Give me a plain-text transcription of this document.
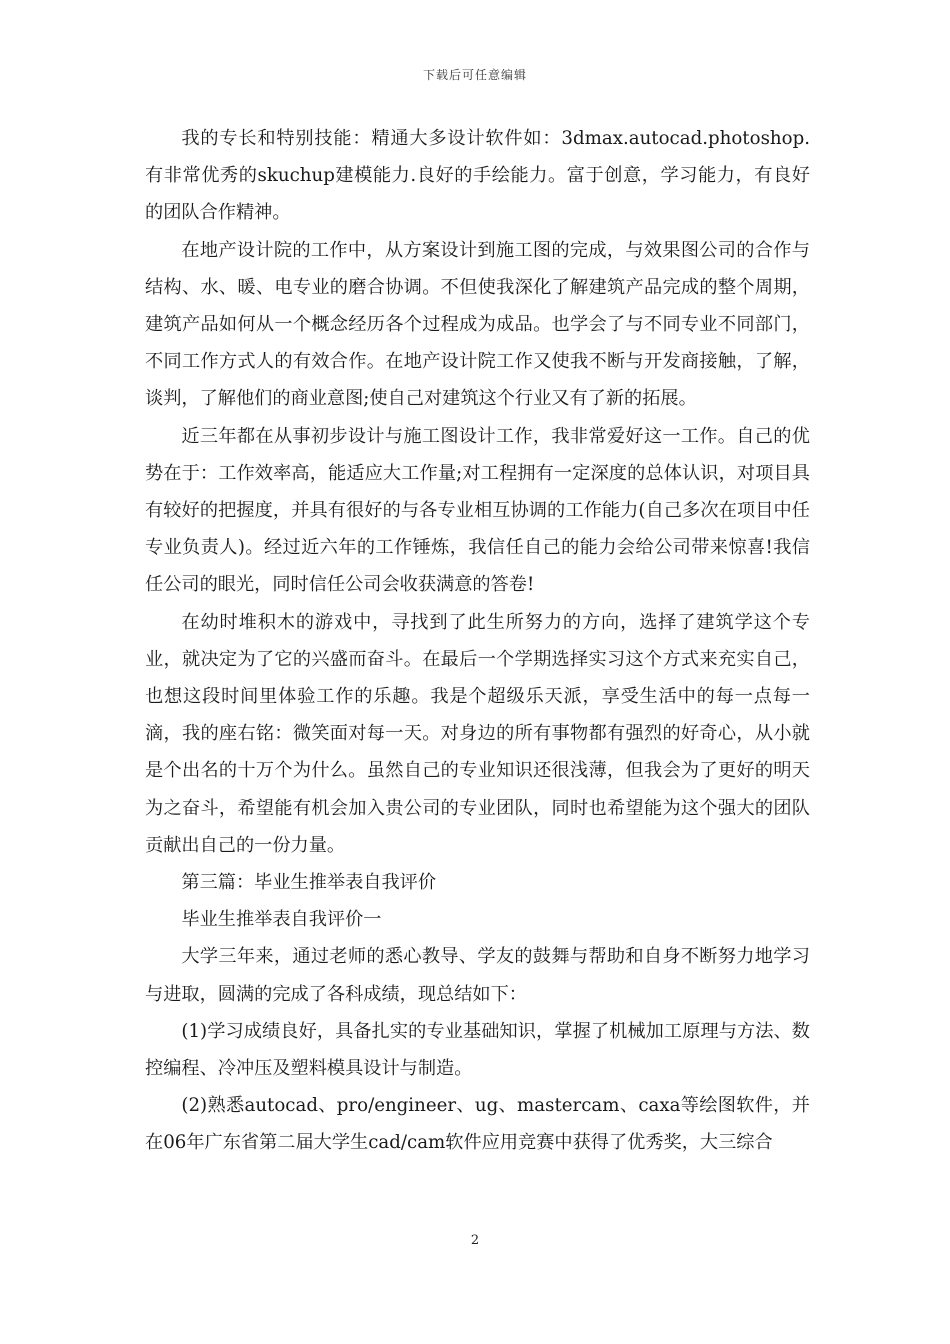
下载后可任意编辑

我的专长和特别技能：精通大多设计软件如：3dmax.autocad.photoshop.有非常优秀的skuchup建模能力.良好的手绘能力。富于创意，学习能力，有良好的团队合作精神。

在地产设计院的工作中，从方案设计到施工图的完成，与效果图公司的合作与结构、水、暖、电专业的磨合协调。不但使我深化了解建筑产品完成的整个周期，建筑产品如何从一个概念经历各个过程成为成品。也学会了与不同专业不同部门，不同工作方式人的有效合作。在地产设计院工作又使我不断与开发商接触，了解，谈判，了解他们的商业意图;使自己对建筑这个行业又有了新的拓展。

近三年都在从事初步设计与施工图设计工作，我非常爱好这一工作。自己的优势在于：工作效率高，能适应大工作量;对工程拥有一定深度的总体认识，对项目具有较好的把握度，并具有很好的与各专业相互协调的工作能力(自己多次在项目中任专业负责人)。经过近六年的工作锤炼，我信任自己的能力会给公司带来惊喜!我信任公司的眼光，同时信任公司会收获满意的答卷!

在幼时堆积木的游戏中，寻找到了此生所努力的方向，选择了建筑学这个专业，就决定为了它的兴盛而奋斗。在最后一个学期选择实习这个方式来充实自己，也想这段时间里体验工作的乐趣。我是个超级乐天派，享受生活中的每一点每一滴，我的座右铭：微笑面对每一天。对身边的所有事物都有强烈的好奇心，从小就是个出名的十万个为什么。虽然自己的专业知识还很浅薄，但我会为了更好的明天为之奋斗，希望能有机会加入贵公司的专业团队，同时也希望能为这个强大的团队贡献出自己的一份力量。

第三篇：毕业生推举表自我评价

毕业生推举表自我评价一

大学三年来，通过老师的悉心教导、学友的鼓舞与帮助和自身不断努力地学习与进取，圆满的完成了各科成绩，现总结如下：

(1)学习成绩良好，具备扎实的专业基础知识，掌握了机械加工原理与方法、数控编程、冷冲压及塑料模具设计与制造。

(2)熟悉autocad、pro/engineer、ug、mastercam、caxa等绘图软件，并在06年广东省第二届大学生cad/cam软件应用竞赛中获得了优秀奖，大三综合

2
